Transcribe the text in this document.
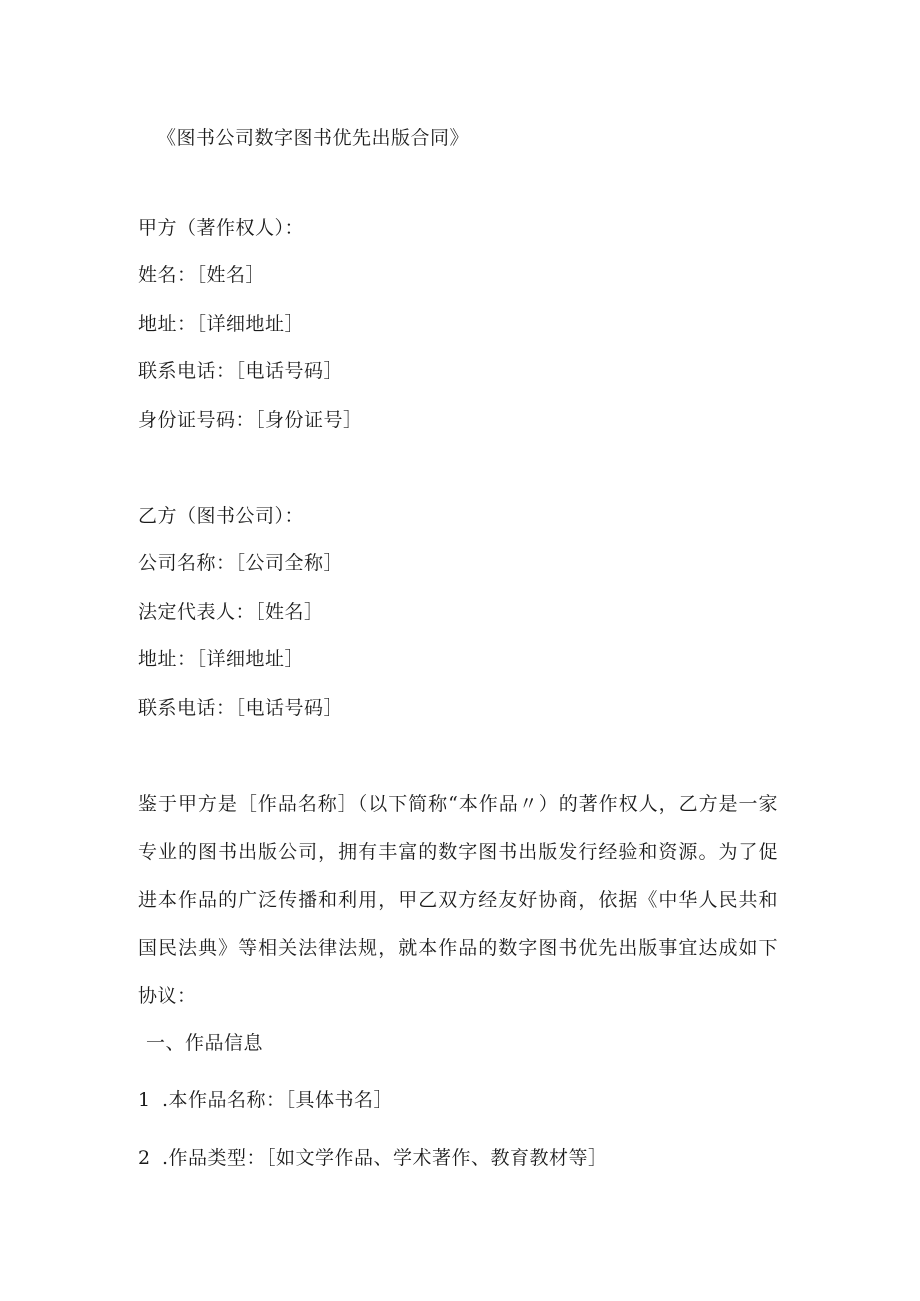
《图书公司数字图书优先出版合同》
甲方（著作权人）：
姓名：［姓名］
地址：［详细地址］
联系电话：［电话号码］
身份证号码：［身份证号］
乙方（图书公司）：
公司名称：［公司全称］
法定代表人：［姓名］
地址：［详细地址］
联系电话：［电话号码］
鉴于甲方是［作品名称］（以下简称“本作品〃）的著作权人，乙方是一家专业的图书出版公司，拥有丰富的数字图书出版发行经验和资源。为了促进本作品的广泛传播和利用，甲乙双方经友好协商，依据《中华人民共和国民法典》等相关法律法规，就本作品的数字图书优先出版事宜达成如下协议：
一、作品信息
1 .本作品名称：［具体书名］
2 .作品类型：［如文学作品、学术著作、教育教材等］
